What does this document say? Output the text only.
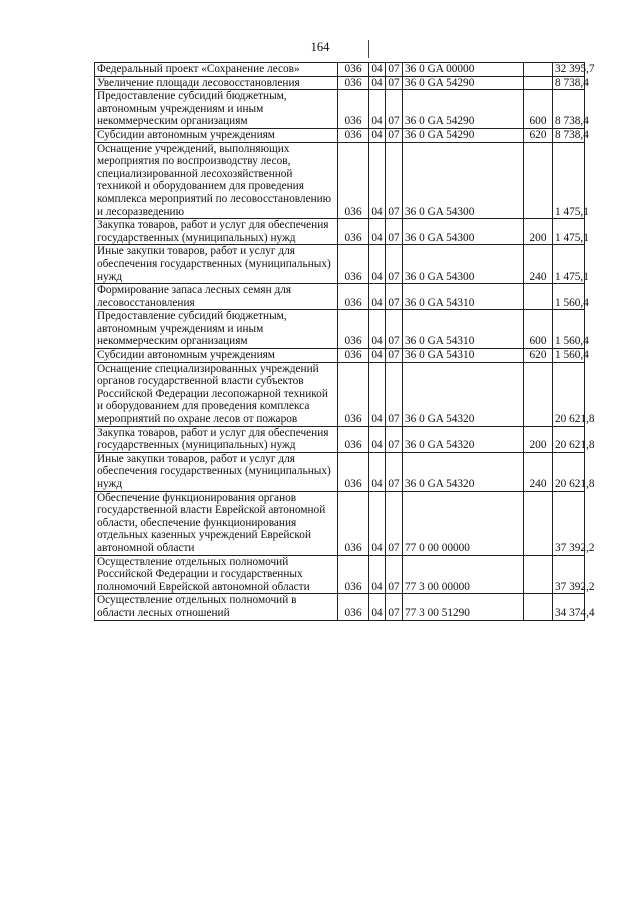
164
Федеральный проект «Сохранение лесов»	036	04	07	36 0 GA 00000		32 395,7
Увеличение площади лесовосстановления	036	04	07	36 0 GA 54290		8 738,4
Предоставление субсидий бюджетным, автономным учреждениям и иным некоммерческим организациям	036	04	07	36 0 GA 54290	600	8 738,4
Субсидии автономным учреждениям	036	04	07	36 0 GA 54290	620	8 738,4
Оснащение учреждений, выполняющих мероприятия по воспроизводству лесов, специализированной лесохозяйственной техникой и оборудованием для проведения комплекса мероприятий по лесовосстановлению и лесоразведению	036	04	07	36 0 GA 54300		1 475,1
Закупка товаров, работ и услуг для обеспечения государственных (муниципальных) нужд	036	04	07	36 0 GA 54300	200	1 475,1
Иные закупки товаров, работ и услуг для обеспечения государственных (муниципальных) нужд	036	04	07	36 0 GA 54300	240	1 475,1
Формирование запаса лесных семян для лесовосстановления	036	04	07	36 0 GA 54310		1 560,4
Предоставление субсидий бюджетным, автономным учреждениям и иным некоммерческим организациям	036	04	07	36 0 GA 54310	600	1 560,4
Субсидии автономным учреждениям	036	04	07	36 0 GA 54310	620	1 560,4
Оснащение специализированных учреждений органов государственной власти субъектов Российской Федерации лесопожарной техникой и оборудованием для проведения комплекса мероприятий по охране лесов от пожаров	036	04	07	36 0 GA 54320		20 621,8
Закупка товаров, работ и услуг для обеспечения государственных (муниципальных) нужд	036	04	07	36 0 GA 54320	200	20 621,8
Иные закупки товаров, работ и услуг для обеспечения государственных (муниципальных) нужд	036	04	07	36 0 GA 54320	240	20 621,8
Обеспечение функционирования органов государственной власти Еврейской автономной области, обеспечение функционирования отдельных казенных учреждений Еврейской автономной области	036	04	07	77 0 00 00000		37 392,2
Осуществление отдельных полномочий Российской Федерации и государственных полномочий Еврейской автономной области	036	04	07	77 3 00 00000		37 392,2
Осуществление отдельных полномочий в области лесных отношений	036	04	07	77 3 00 51290		34 374,4
